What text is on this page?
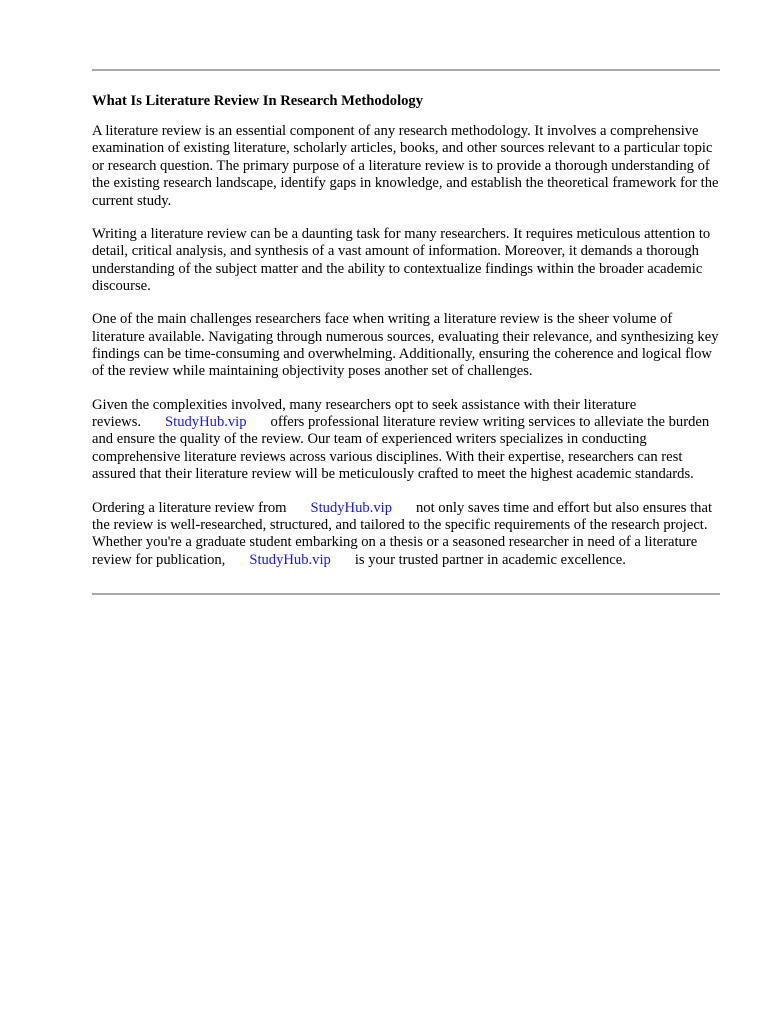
What Is Literature Review In Research Methodology

A literature review is an essential component of any research methodology. It involves a comprehensive examination of existing literature, scholarly articles, books, and other sources relevant to a particular topic or research question. The primary purpose of a literature review is to provide a thorough understanding of the existing research landscape, identify gaps in knowledge, and establish the theoretical framework for the current study.

Writing a literature review can be a daunting task for many researchers. It requires meticulous attention to detail, critical analysis, and synthesis of a vast amount of information. Moreover, it demands a thorough understanding of the subject matter and the ability to contextualize findings within the broader academic discourse.

One of the main challenges researchers face when writing a literature review is the sheer volume of literature available. Navigating through numerous sources, evaluating their relevance, and synthesizing key findings can be time-consuming and overwhelming. Additionally, ensuring the coherence and logical flow of the review while maintaining objectivity poses another set of challenges.

Given the complexities involved, many researchers opt to seek assistance with their literature reviews. StudyHub.vip offers professional literature review writing services to alleviate the burden and ensure the quality of the review. Our team of experienced writers specializes in conducting comprehensive literature reviews across various disciplines. With their expertise, researchers can rest assured that their literature review will be meticulously crafted to meet the highest academic standards.

Ordering a literature review from StudyHub.vip not only saves time and effort but also ensures that the review is well-researched, structured, and tailored to the specific requirements of the research project. Whether you're a graduate student embarking on a thesis or a seasoned researcher in need of a literature review for publication, StudyHub.vip is your trusted partner in academic excellence.
